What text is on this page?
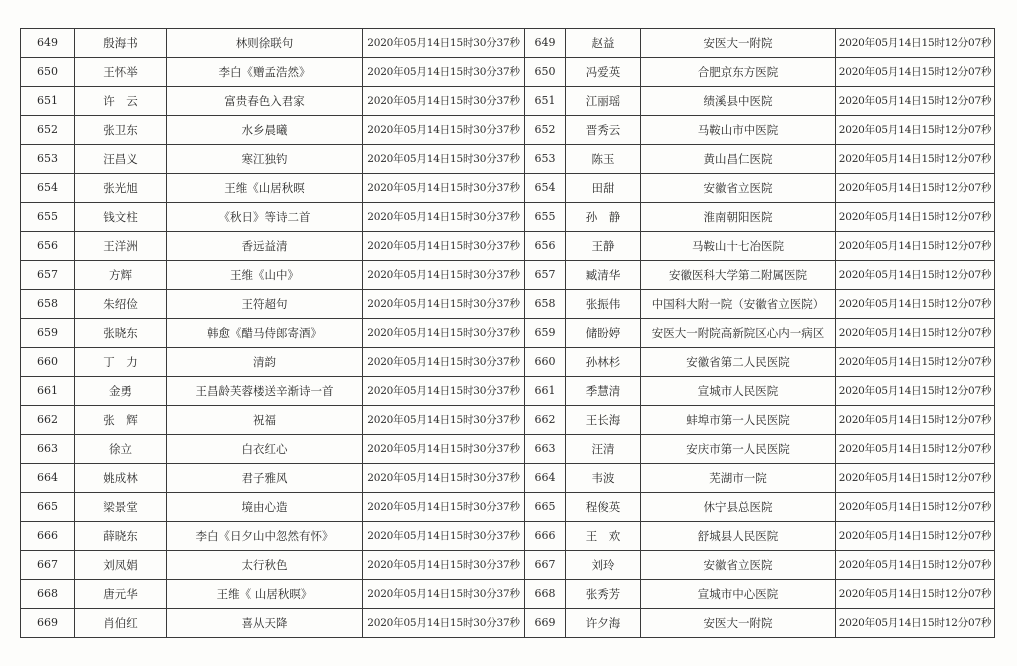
649	殷海书	林则徐联句	2020年05月14日15时30分37秒	649	赵益	安医大一附院	2020年05月14日15时12分07秒
650	王怀举	李白《赠孟浩然》	2020年05月14日15时30分37秒	650	冯爱英	合肥京东方医院	2020年05月14日15时12分07秒
651	许　云	富贵春色入君家	2020年05月14日15时30分37秒	651	江丽瑶	绩溪县中医院	2020年05月14日15时12分07秒
652	张卫东	水乡晨曦	2020年05月14日15时30分37秒	652	晋秀云	马鞍山市中医院	2020年05月14日15时12分07秒
653	汪昌义	寒江独钓	2020年05月14日15时30分37秒	653	陈玉	黄山昌仁医院	2020年05月14日15时12分07秒
654	张光旭	王维《山居秋暝	2020年05月14日15时30分37秒	654	田甜	安徽省立医院	2020年05月14日15时12分07秒
655	钱文柱	《秋日》等诗二首	2020年05月14日15时30分37秒	655	孙　静	淮南朝阳医院	2020年05月14日15时12分07秒
656	王洋洲	香远益清	2020年05月14日15时30分37秒	656	王静	马鞍山十七冶医院	2020年05月14日15时12分07秒
657	方辉	王维《山中》	2020年05月14日15时30分37秒	657	臧清华	安徽医科大学第二附属医院	2020年05月14日15时12分07秒
658	朱绍俭	王符超句	2020年05月14日15时30分37秒	658	张振伟	中国科大附一院（安徽省立医院）	2020年05月14日15时12分07秒
659	张晓东	韩愈《醋马侍郎寄酒》	2020年05月14日15时30分37秒	659	储盼婷	安医大一附院高新院区心内一病区	2020年05月14日15时12分07秒
660	丁　力	清韵	2020年05月14日15时30分37秒	660	孙林杉	安徽省第二人民医院	2020年05月14日15时12分07秒
661	金勇	王昌龄芙蓉楼送辛渐诗一首	2020年05月14日15时30分37秒	661	季慧清	宣城市人民医院	2020年05月14日15时12分07秒
662	张　辉	祝福	2020年05月14日15时30分37秒	662	王长海	蚌埠市第一人民医院	2020年05月14日15时12分07秒
663	徐立	白衣红心	2020年05月14日15时30分37秒	663	汪清	安庆市第一人民医院	2020年05月14日15时12分07秒
664	姚成林	君子雅风	2020年05月14日15时30分37秒	664	韦波	芜湖市一院	2020年05月14日15时12分07秒
665	梁景堂	境由心造	2020年05月14日15时30分37秒	665	程俊英	休宁县总医院	2020年05月14日15时12分07秒
666	薛晓东	李白《日夕山中忽然有怀》	2020年05月14日15时30分37秒	666	王　欢	舒城县人民医院	2020年05月14日15时12分07秒
667	刘凤娟	太行秋色	2020年05月14日15时30分37秒	667	刘玲	安徽省立医院	2020年05月14日15时12分07秒
668	唐元华	王维《 山居秋暝》	2020年05月14日15时30分37秒	668	张秀芳	宣城市中心医院	2020年05月14日15时12分07秒
669	肖伯红	喜从天降	2020年05月14日15时30分37秒	669	许夕海	安医大一附院	2020年05月14日15时12分07秒
